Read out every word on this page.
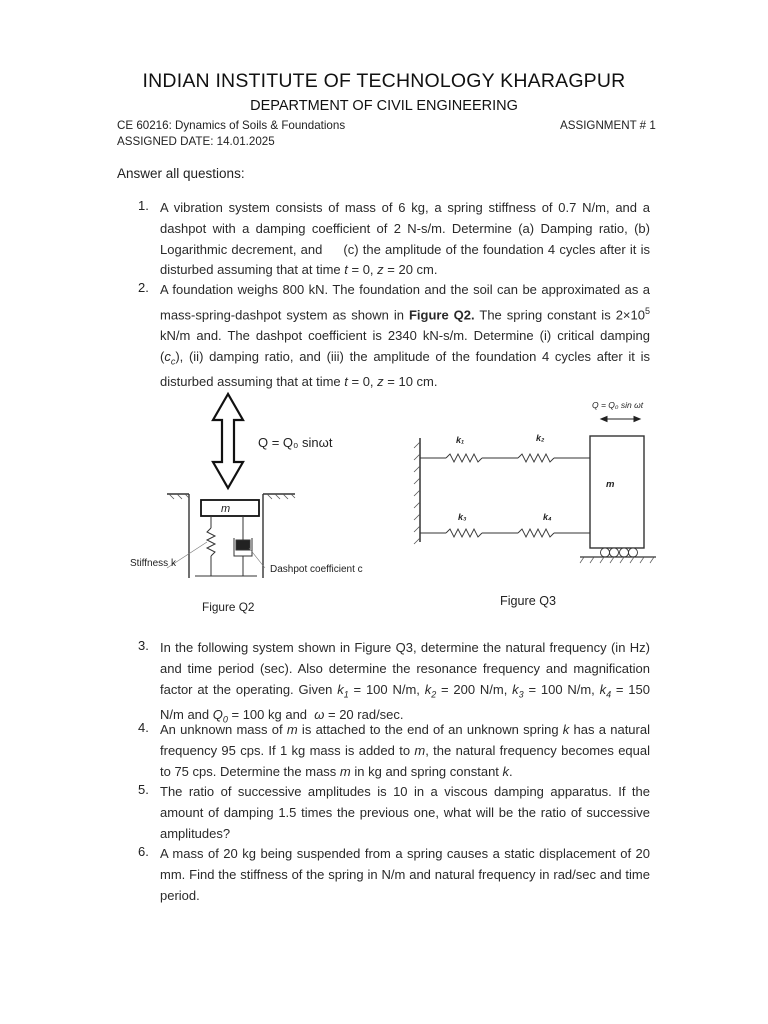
INDIAN INSTITUTE OF TECHNOLOGY KHARAGPUR
DEPARTMENT OF CIVIL ENGINEERING
CE 60216: Dynamics of Soils & Foundations	ASSIGNMENT # 1
ASSIGNED DATE: 14.01.2025
Answer all questions:
1. A vibration system consists of mass of 6 kg, a spring stiffness of 0.7 N/m, and a dashpot with a damping coefficient of 2 N-s/m. Determine (a) Damping ratio, (b) Logarithmic decrement, and     (c) the amplitude of the foundation 4 cycles after it is disturbed assuming that at time t = 0, z = 20 cm.
2. A foundation weighs 800 kN. The foundation and the soil can be approximated as a mass-spring-dashpot system as shown in Figure Q2. The spring constant is $2\times 10^5$ kN/m and. The dashpot coefficient is 2340 kN-s/m. Determine (i) critical damping $(c_c)$, (ii) damping ratio, and (iii) the amplitude of the foundation 4 cycles after it is disturbed assuming that at time t = 0, z = 10 cm.
Q = Q₀ sinωt
m
Stiffness k
Dashpot coefficient c
Figure Q2
Q = Q₀ sin ωt
k₁	k₂
k₃	k₄
m
Figure Q3
3. In the following system shown in Figure Q3, determine the natural frequency (in Hz) and time period (sec). Also determine the resonance frequency and magnification factor at the operating. Given $k_1 = 100$ N/m, $k_2 = 200$ N/m, $k_3 = 100$ N/m, $k_4 = 150$ N/m and $Q_0 = 100$ kg and  ω = 20 rad/sec.
4. An unknown mass of m is attached to the end of an unknown spring k has a natural frequency 95 cps. If 1 kg mass is added to m, the natural frequency becomes equal to 75 cps. Determine the mass m in kg and spring constant k.
5. The ratio of successive amplitudes is 10 in a viscous damping apparatus. If the amount of damping 1.5 times the previous one, what will be the ratio of successive amplitudes?
6. A mass of 20 kg being suspended from a spring causes a static displacement of 20 mm. Find the stiffness of the spring in N/m and natural frequency in rad/sec and time period.
